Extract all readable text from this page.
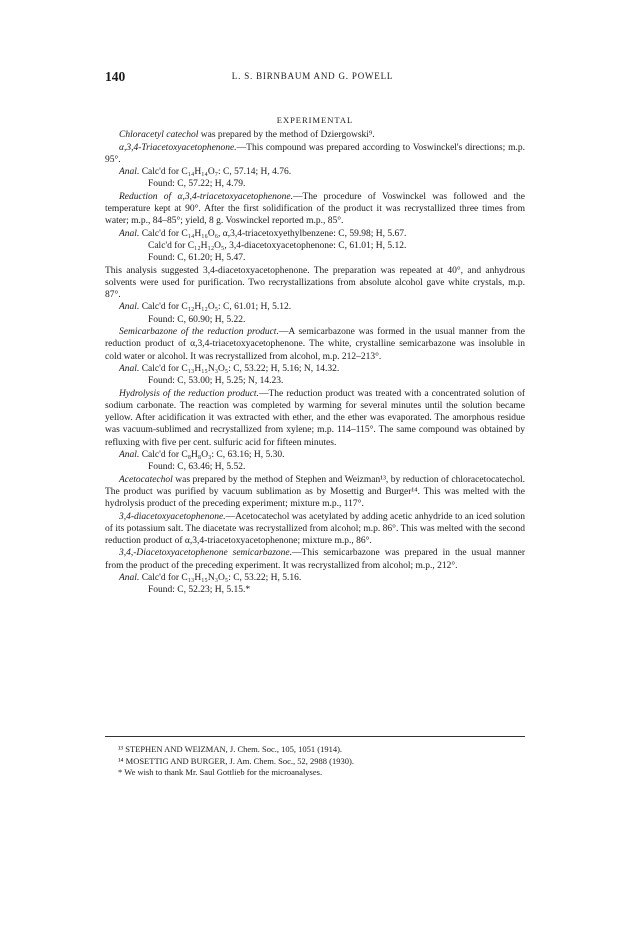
140	L. S. BIRNBAUM AND G. POWELL
EXPERIMENTAL

Chloracetyl catechol was prepared by the method of Dziergowski⁹.

α,3,4-Triacetoxyacetophenone.—This compound was prepared according to Voswinckel's directions; m.p. 95°.

Anal. Calc'd for C₁₄H₁₄O₇: C, 57.14; H, 4.76.

Found: C, 57.22; H, 4.79.

Reduction of α,3,4-triacetoxyacetophenone.—The procedure of Voswinckel was followed and the temperature kept at 90°. After the first solidification of the product it was recrystallized three times from water; m.p., 84–85°; yield, 8 g. Voswinckel reported m.p., 85°.

Anal. Calc'd for C₁₄H₁₆O₆, α,3,4-triacetoxyethylbenzene: C, 59.98; H, 5.67.

Calc'd for C₁₂H₁₂O₅, 3,4-diacetoxyacetophenone: C, 61.01; H, 5.12.

Found: C, 61.20; H, 5.47.

This analysis suggested 3,4-diacetoxyacetophenone. The preparation was repeated at 40°, and anhydrous solvents were used for purification. Two recrystallizations from absolute alcohol gave white crystals, m.p. 87°.

Anal. Calc'd for C₁₂H₁₂O₅: C, 61.01; H, 5.12.

Found: C, 60.90; H, 5.22.

Semicarbazone of the reduction product.—A semicarbazone was formed in the usual manner from the reduction product of α,3,4-triacetoxyacetophenone. The white, crystalline semicarbazone was insoluble in cold water or alcohol. It was recrystallized from alcohol, m.p. 212–213°.

Anal. Calc'd for C₁₃H₁₅N₃O₅: C, 53.22; H, 5.16; N, 14.32.

Found: C, 53.00; H, 5.25; N, 14.23.

Hydrolysis of the reduction product.—The reduction product was treated with a concentrated solution of sodium carbonate. The reaction was completed by warming for several minutes until the solution became yellow. After acidification it was extracted with ether, and the ether was evaporated. The amorphous residue was vacuum-sublimed and recrystallized from xylene; m.p. 114–115°. The same compound was obtained by refluxing with five per cent. sulfuric acid for fifteen minutes.

Anal. Calc'd for C₈H₈O₃: C, 63.16; H, 5.30.

Found: C, 63.46; H, 5.52.

Acetocatechol was prepared by the method of Stephen and Weizman¹³, by reduction of chloracetocatechol. The product was purified by vacuum sublimation as by Mosettig and Burger¹⁴. This was melted with the hydrolysis product of the preceding experiment; mixture m.p., 117°.

3,4-diacetoxyacetophenone.—Acetocatechol was acetylated by adding acetic anhydride to an iced solution of its potassium salt. The diacetate was recrystallized from alcohol; m.p. 86°. This was melted with the second reduction product of α,3,4-triacetoxyacetophenone; mixture m.p., 86°.

3,4,-Diacetoxyacetophenone semicarbazone.—This semicarbazone was prepared in the usual manner from the product of the preceding experiment. It was recrystallized from alcohol; m.p., 212°.

Anal. Calc'd for C₁₃H₁₅N₃O₅: C, 53.22; H, 5.16.

Found: C, 52.23; H, 5.15.*

¹³ STEPHEN AND WEIZMAN, J. Chem. Soc., 105, 1051 (1914).

¹⁴ MOSETTIG AND BURGER, J. Am. Chem. Soc., 52, 2988 (1930).

* We wish to thank Mr. Saul Gottlieb for the microanalyses.
